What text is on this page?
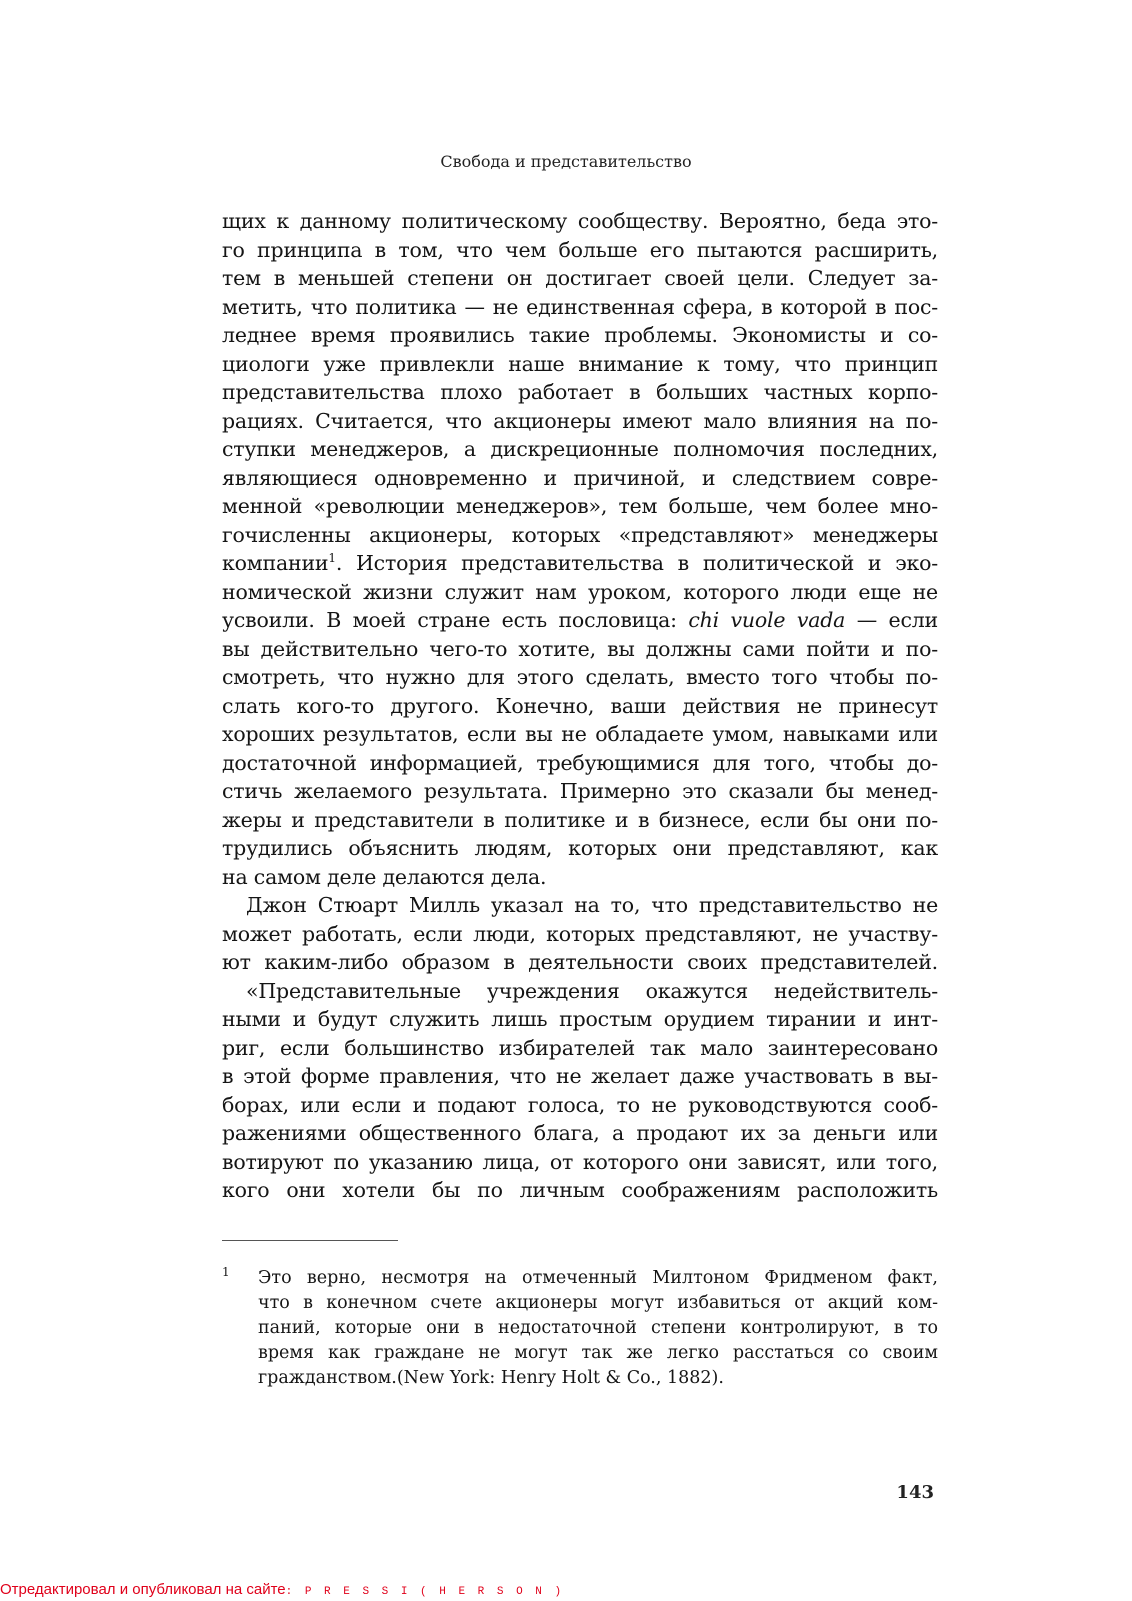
Свобода и представительство
щих к данному политическому сообществу. Вероятно, беда это-
го принципа в том, что чем больше его пытаются расширить,
тем в меньшей степени он достигает своей цели. Следует за-
метить, что политика — не единственная сфера, в которой в пос-
леднее время проявились такие проблемы. Экономисты и со-
циологи уже привлекли наше внимание к тому, что принцип
представительства плохо работает в больших частных корпо-
рациях. Считается, что акционеры имеют мало влияния на по-
ступки менеджеров, а дискреционные полномочия последних,
являющиеся одновременно и причиной, и следствием совре-
менной «революции менеджеров», тем больше, чем более мно-
гочисленны акционеры, которых «представляют» менеджеры
компании$^1$. История представительства в политической и эко-
номической жизни служит нам уроком, которого люди еще не
усвоили. В моей стране есть пословица: chi vuole vada — если
вы действительно чего-то хотите, вы должны сами пойти и по-
смотреть, что нужно для этого сделать, вместо того чтобы по-
слать кого-то другого. Конечно, ваши действия не принесут
хороших результатов, если вы не обладаете умом, навыками или
достаточной информацией, требующимися для того, чтобы до-
стичь желаемого результата. Примерно это сказали бы менед-
жеры и представители в политике и в бизнесе, если бы они по-
трудились объяснить людям, которых они представляют, как
на самом деле делаются дела.
Джон Стюарт Милль указал на то, что представительство не
может работать, если люди, которых представляют, не участву-
ют каким-либо образом в деятельности своих представителей.
«Представительные учреждения окажутся недействитель-
ными и будут служить лишь простым орудием тирании и инт-
риг, если большинство избирателей так мало заинтересовано
в этой форме правления, что не желает даже участвовать в вы-
борах, или если и подают голоса, то не руководствуются сооб-
ражениями общественного блага, а продают их за деньги или
вотируют по указанию лица, от которого они зависят, или того,
кого они хотели бы по личным соображениям расположить
1 Это верно, несмотря на отмеченный Милтоном Фридменом факт,
что в конечном счете акционеры могут избавиться от акций ком-
паний, которые они в недостаточной степени контролируют, в то
время как граждане не могут так же легко расстаться со своим
гражданством.(New York: Henry Holt & Co., 1882).
143
Отредактировал и опубликовал на сайте: P R E S S I ( H E R S O N )
